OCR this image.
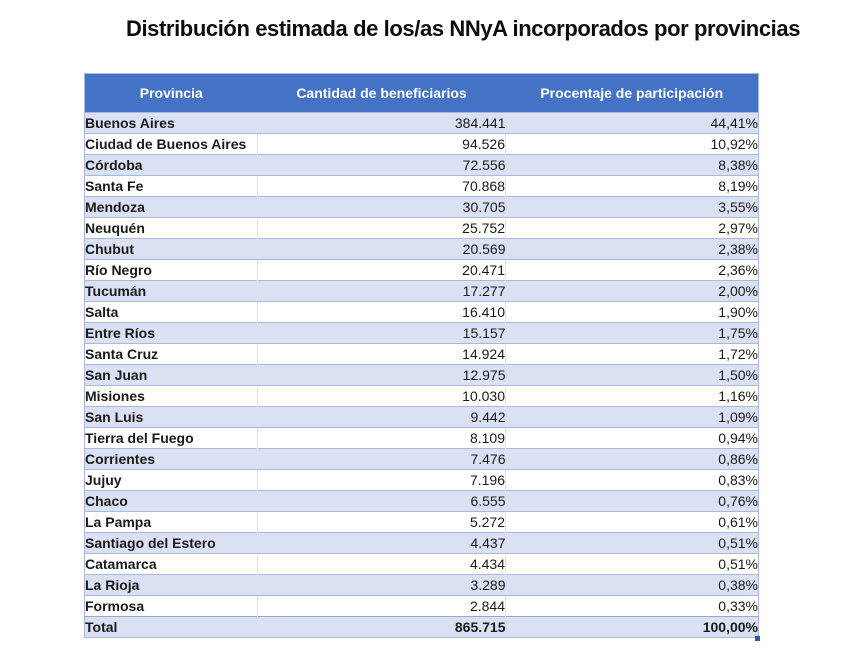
Distribución estimada de los/as NNyA incorporados por provincias
Provincia	Cantidad de beneficiarios	Procentaje de participación
Buenos Aires	384.441	44,41%
Ciudad de Buenos Aires	94.526	10,92%
Córdoba	72.556	8,38%
Santa Fe	70.868	8,19%
Mendoza	30.705	3,55%
Neuquén	25.752	2,97%
Chubut	20.569	2,38%
Río Negro	20.471	2,36%
Tucumán	17.277	2,00%
Salta	16.410	1,90%
Entre Ríos	15.157	1,75%
Santa Cruz	14.924	1,72%
San Juan	12.975	1,50%
Misiones	10.030	1,16%
San Luis	9.442	1,09%
Tierra del Fuego	8.109	0,94%
Corrientes	7.476	0,86%
Jujuy	7.196	0,83%
Chaco	6.555	0,76%
La Pampa	5.272	0,61%
Santiago del Estero	4.437	0,51%
Catamarca	4.434	0,51%
La Rioja	3.289	0,38%
Formosa	2.844	0,33%
Total	865.715	100,00%
